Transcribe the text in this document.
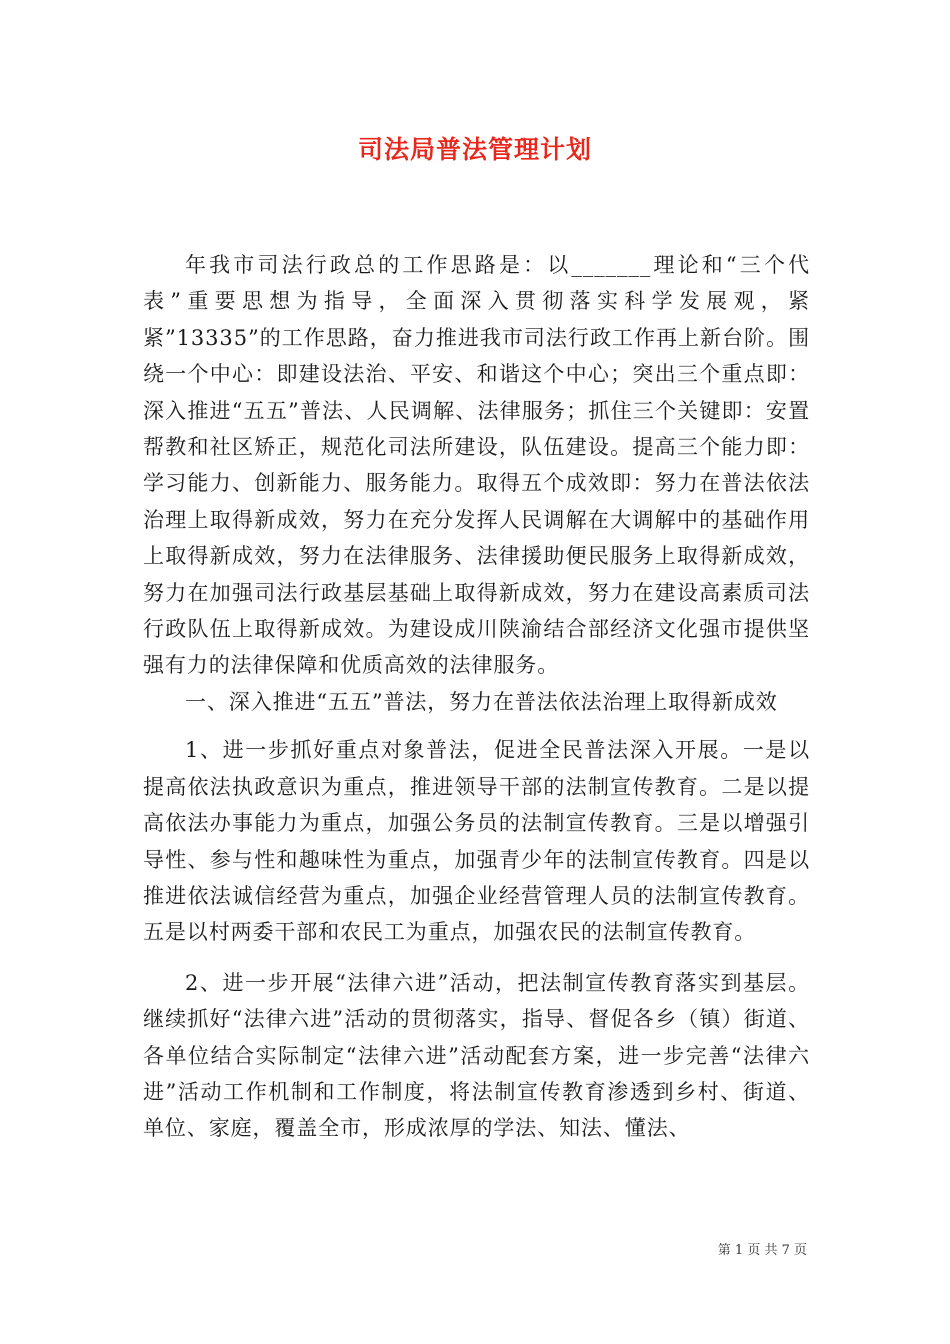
司法局普法管理计划

年我市司法行政总的工作思路是：以_______理论和“三个代表”重要思想为指导，全面深入贯彻落实科学发展观，紧紧”13335”的工作思路，奋力推进我市司法行政工作再上新台阶。围绕一个中心：即建设法治、平安、和谐这个中心；突出三个重点即：深入推进“五五”普法、人民调解、法律服务；抓住三个关键即：安置帮教和社区矫正，规范化司法所建设，队伍建设。提高三个能力即：学习能力、创新能力、服务能力。取得五个成效即：努力在普法依法治理上取得新成效，努力在充分发挥人民调解在大调解中的基础作用上取得新成效，努力在法律服务、法律援助便民服务上取得新成效，努力在加强司法行政基层基础上取得新成效，努力在建设高素质司法行政队伍上取得新成效。为建设成川陕渝结合部经济文化强市提供坚强有力的法律保障和优质高效的法律服务。

一、深入推进“五五”普法，努力在普法依法治理上取得新成效

1、进一步抓好重点对象普法，促进全民普法深入开展。一是以提高依法执政意识为重点，推进领导干部的法制宣传教育。二是以提高依法办事能力为重点，加强公务员的法制宣传教育。三是以增强引导性、参与性和趣味性为重点，加强青少年的法制宣传教育。四是以推进依法诚信经营为重点，加强企业经营管理人员的法制宣传教育。五是以村两委干部和农民工为重点，加强农民的法制宣传教育。

2、进一步开展“法律六进”活动，把法制宣传教育落实到基层。继续抓好“法律六进”活动的贯彻落实，指导、督促各乡（镇）街道、各单位结合实际制定“法律六进”活动配套方案，进一步完善“法律六进”活动工作机制和工作制度，将法制宣传教育渗透到乡村、街道、单位、家庭，覆盖全市，形成浓厚的学法、知法、懂法、

第 1 页 共 7 页
